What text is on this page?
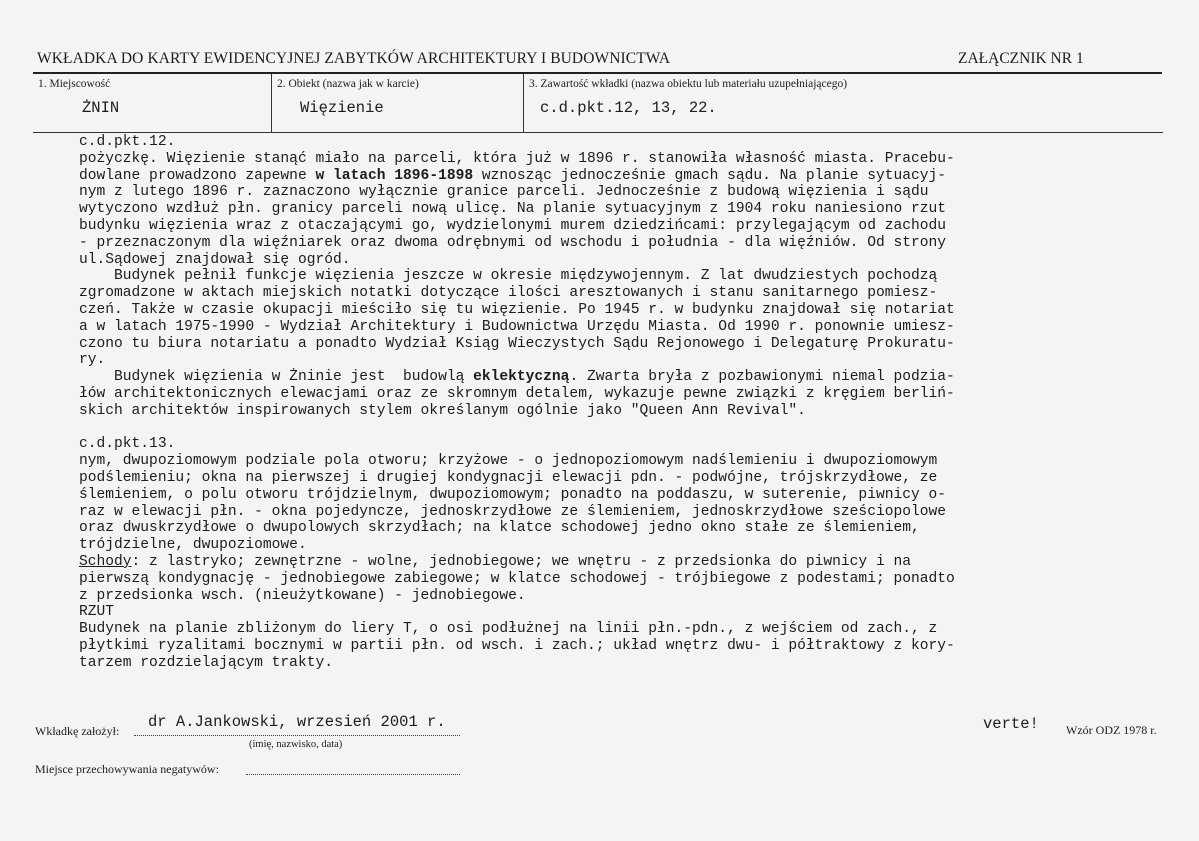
WKŁADKA DO KARTY EWIDENCYJNEJ ZABYTKÓW ARCHITEKTURY I BUDOWNICTWA	ZAŁĄCZNIK NR 1
1. Miejscowość
ŻNIN
2. Obiekt (nazwa jak w karcie)
Więzienie
3. Zawartość wkładki (nazwa obiektu lub materiału uzupełniającego)
c.d.pkt.12, 13, 22.
c.d.pkt.12.
pożyczkę. Więzienie stanąć miało na parceli, która już w 1896 r. stanowiła własność miasta. Pracebu-
dowlane prowadzono zapewne w latach 1896-1898 wznosząc jednocześnie gmach sądu. Na planie sytuacyj-
nym z lutego 1896 r. zaznaczono wyłącznie granice parceli. Jednocześnie z budową więzienia i sądu
wytyczono wzdłuż płn. granicy parceli nową ulicę. Na planie sytuacyjnym z 1904 roku naniesiono rzut
budynku więzienia wraz z otaczającymi go, wydzielonymi murem dziedzińcami: przylegającym od zachodu
- przeznaczonym dla więźniarek oraz dwoma odrębnymi od wschodu i południa - dla więźniów. Od strony
ul.Sądowej znajdował się ogród.
Budynek pełnił funkcje więzienia jeszcze w okresie międzywojennym. Z lat dwudziestych pochodzą
zgromadzone w aktach miejskich notatki dotyczące ilości aresztowanych i stanu sanitarnego pomiesz-
czeń. Także w czasie okupacji mieściło się tu więzienie. Po 1945 r. w budynku znajdował się notariat
a w latach 1975-1990 - Wydział Architektury i Budownictwa Urzędu Miasta. Od 1990 r. ponownie umiesz-
czono tu biura notariatu a ponadto Wydział Ksiąg Wieczystych Sądu Rejonowego i Delegaturę Prokuratu-
ry.
Budynek więzienia w Żninie jest  budowlą eklektyczną. Zwarta bryła z pozbawionymi niemal podzia-
łów architektonicznych elewacjami oraz ze skromnym detalem, wykazuje pewne związki z kręgiem berliń-
skich architektów inspirowanych stylem określanym ogólnie jako "Queen Ann Revival".
c.d.pkt.13.
nym, dwupoziomowym podziale pola otworu; krzyżowe - o jednopoziomowym nadślemieniu i dwupoziomowym
podślemieniu; okna na pierwszej i drugiej kondygnacji elewacji pdn. - podwójne, trójskrzydłowe, ze
ślemieniem, o polu otworu trójdzielnym, dwupoziomowym; ponadto na poddaszu, w suterenie, piwnicy o-
raz w elewacji płn. - okna pojedyncze, jednoskrzydłowe ze ślemieniem, jednoskrzydłowe sześciopolowe
oraz dwuskrzydłowe o dwupolowych skrzydłach; na klatce schodowej jedno okno stałe ze ślemieniem,
trójdzielne, dwupoziomowe.
Schody: z lastryko; zewnętrzne - wolne, jednobiegowe; we wnętru - z przedsionka do piwnicy i na
pierwszą kondygnację - jednobiegowe zabiegowe; w klatce schodowej - trójbiegowe z podestami; ponadto
z przedsionka wsch. (nieużytkowane) - jednobiegowe.
RZUT
Budynek na planie zbliżonym do liery T, o osi podłużnej na linii płn.-pdn., z wejściem od zach., z
płytkimi ryzalitami bocznymi w partii płn. od wsch. i zach.; układ wnętrz dwu- i półtraktowy z kory-
tarzem rozdzielającym trakty.
Wkładkę założył: dr A.Jankowski, wrzesień 2001 r.
(imię, nazwisko, data)
verte! Wzór ODZ 1978 r.
Miejsce przechowywania negatywów:
